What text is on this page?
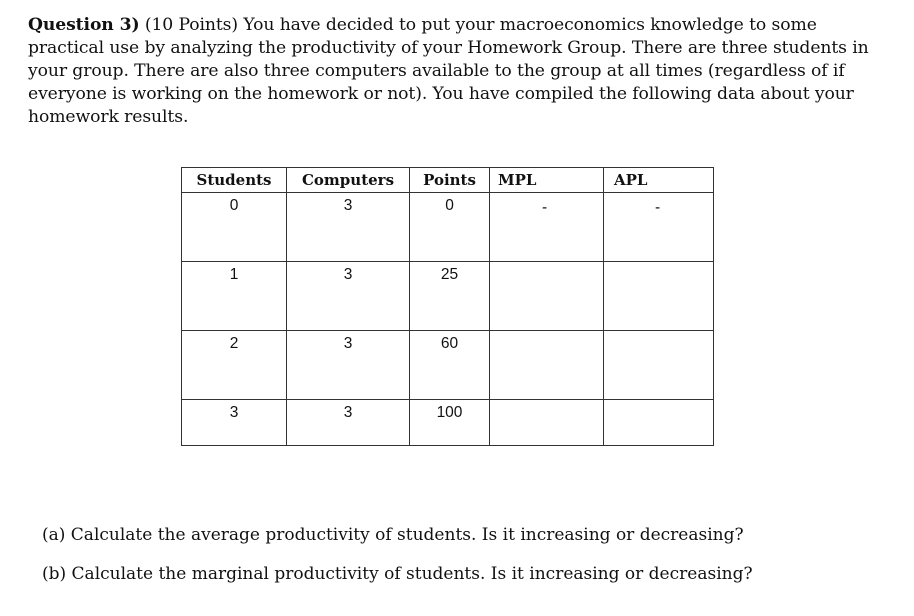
Question 3) (10 Points) You have decided to put your macroeconomics knowledge to some practical use by analyzing the productivity of your Homework Group. There are three students in your group. There are also three computers available to the group at all times (regardless of if everyone is working on the homework or not). You have compiled the following data about your homework results.
Students	Computers	Points	MPL	APL
0	3	0	-	-

1	3	25		
2	3	60		
3	3	100		
(a) Calculate the average productivity of students. Is it increasing or decreasing?
(b) Calculate the marginal productivity of students. Is it increasing or decreasing?
